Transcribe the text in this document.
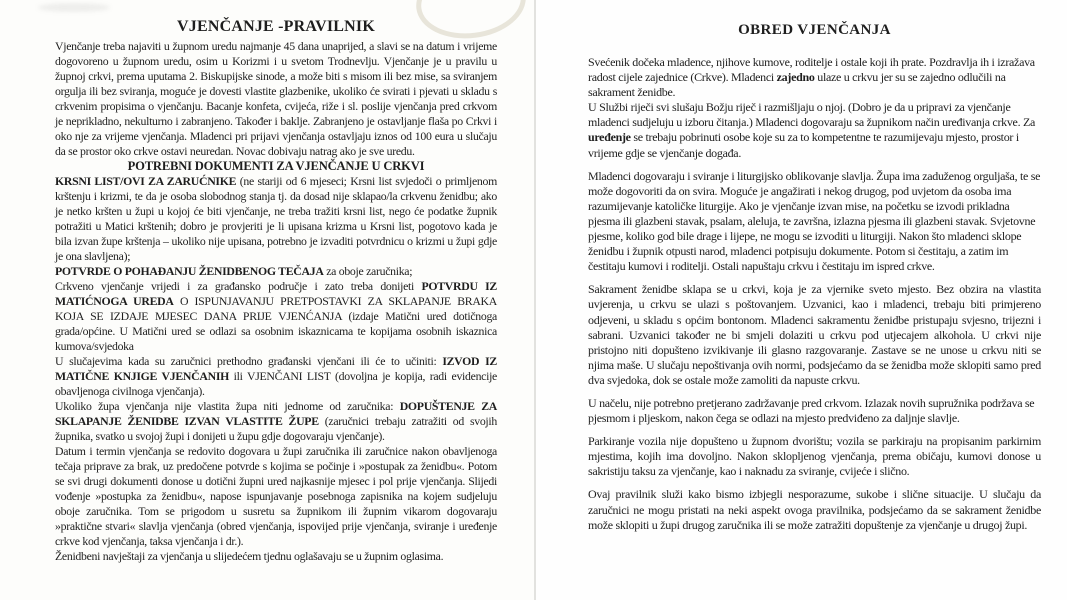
VJENČANJE -PRAVILNIK

Vjenčanje treba najaviti u župnom uredu najmanje 45 dana unaprijed, a slavi se na datum i vrijeme dogovoreno u župnom uredu, osim u Korizmi i u svetom Trodnevlju. Vjenčanje je u pravilu u župnoj crkvi, prema uputama 2. Biskupijske sinode, a može biti s misom ili bez mise, sa sviranjem orgulja ili bez sviranja, moguće je dovesti vlastite glazbenike, ukoliko će svirati i pjevati u skladu s crkvenim propisima o vjenčanju. Bacanje konfeta, cvijeća, riže i sl. poslije vjenčanja pred crkvom je neprikladno, nekulturno i zabranjeno. Također i baklje. Zabranjeno je ostavljanje flaša po Crkvi i oko nje za vrijeme vjenčanja. Mladenci pri prijavi vjenčanja ostavljaju iznos od 100 eura u slučaju da se prostor oko crkve ostavi neuredan. Novac dobivaju natrag ako je sve uredu.

POTREBNI DOKUMENTI ZA VJENČANJE U CRKVI

KRSNI LIST/OVI ZA ZARUĆNIKE (ne stariji od 6 mjeseci; Krsni list svjedoči o primljenom krštenju i krizmi, te da je osoba slobodnog stanja tj. da dosad nije sklapao/la crkvenu ženidbu; ako je netko kršten u župi u kojoj će biti vjenčanje, ne treba tražiti krsni list, nego će podatke župnik potražiti u Matici krštenih; dobro je provjeriti je li upisana krizma u Krsni list, pogotovo kada je bila izvan župe krštenja – ukoliko nije upisana, potrebno je izvaditi potvrdnicu o krizmi u župi gdje je ona slavljena);

POTVRDE O POHAĐANJU ŽENIDBENOG TEČAJA za oboje zaručnika;

Crkveno vjenčanje vrijedi i za građansko područje i zato treba donijeti POTVRDU IZ MATIĆNOGA UREDA O ISPUNJAVANJU PRETPOSTAVKI ZA SKLAPANJE BRAKA KOJA SE IZDAJE MJESEC DANA PRIJE VJENĆANJA (izdaje Matični ured dotičnoga grada/općine. U Matični ured se odlazi sa osobnim iskaznicama te kopijama osobnih iskaznica kumova/svjedoka

U slučajevima kada su zaručnici prethodno građanski vjenčani ili će to učiniti: IZVOD IZ MATIČNE KNJIGE VJENČANIH ili VJENČANI LIST (dovoljna je kopija, radi evidencije obavljenoga civilnoga vjenčanja).

Ukoliko župa vjenčanja nije vlastita župa niti jednome od zaručnika: DOPUŠTENJE ZA SKLAPANJE ŽENIDBE IZVAN VLASTITE ŽUPE (zaručnici trebaju zatražiti od svojih župnika, svatko u svojoj župi i donijeti u župu gdje dogovaraju vjenčanje).

Datum i termin vjenčanja se redovito dogovara u župi zaručnika ili zaručnice nakon obavljenoga tečaja priprave za brak, uz predočene potvrde s kojima se počinje i »postupak za ženidbu«. Potom se svi drugi dokumenti donose u dotični župni ured najkasnije mjesec i pol prije vjenčanja. Slijedi vođenje »postupka za ženidbu«, napose ispunjavanje posebnoga zapisnika na kojem sudjeluju oboje zaručnika. Tom se prigodom u susretu sa župnikom ili župnim vikarom dogovaraju »praktične stvari« slavlja vjenčanja (obred vjenčanja, ispovijed prije vjenčanja, sviranje i uređenje crkve kod vjenčanja, taksa vjenčanja i dr.).

Ženidbeni navještaji za vjenčanja u slijedećem tjednu oglašavaju se u župnim oglasima.

OBRED VJENČANJA

Svećenik dočeka mladence, njihove kumove, roditelje i ostale koji ih prate. Pozdravlja ih i izražava radost cijele zajednice (Crkve). Mladenci zajedno ulaze u crkvu jer su se zajedno odlučili na sakrament ženidbe.

U Službi riječi svi slušaju Božju riječ i razmišljaju o njoj. (Dobro je da u pripravi za vjenčanje mladenci sudjeluju u izboru čitanja.) Mladenci dogovaraju sa župnikom način uređivanja crkve. Za uređenje se trebaju pobrinuti osobe koje su za to kompetentne te razumijevaju mjesto, prostor i vrijeme gdje se vjenčanje događa.

Mladenci dogovaraju i sviranje i liturgijsko oblikovanje slavlja. Župa ima zaduženog orguljaša, te se može dogovoriti da on svira. Moguće je angažirati i nekog drugog, pod uvjetom da osoba ima razumijevanje katoličke liturgije. Ako je vjenčanje izvan mise, na početku se izvodi prikladna pjesma ili glazbeni stavak, psalam, aleluja, te završna, izlazna pjesma ili glazbeni stavak. Svjetovne pjesme, koliko god bile drage i lijepe, ne mogu se izvoditi u liturgiji. Nakon što mladenci sklope ženidbu i župnik otpusti narod, mladenci potpisuju dokumente. Potom si čestitaju, a zatim im čestitaju kumovi i roditelji. Ostali napuštaju crkvu i čestitaju im ispred crkve.

Sakrament ženidbe sklapa se u crkvi, koja je za vjernike sveto mjesto. Bez obzira na vlastita uvjerenja, u crkvu se ulazi s poštovanjem. Uzvanici, kao i mladenci, trebaju biti primjereno odjeveni, u skladu s općim bontonom. Mladenci sakramentu ženidbe pristupaju svjesno, trijezni i sabrani. Uzvanici također ne bi smjeli dolaziti u crkvu pod utjecajem alkohola. U crkvi nije pristojno niti dopušteno izvikivanje ili glasno razgovaranje. Zastave se ne unose u crkvu niti se njima maše. U slučaju nepoštivanja ovih normi, podsjećamo da se ženidba može sklopiti samo pred dva svjedoka, dok se ostale može zamoliti da napuste crkvu.

U načelu, nije potrebno pretjerano zadržavanje pred crkvom. Izlazak novih supružnika podržava se pjesmom i pljeskom, nakon čega se odlazi na mjesto predviđeno za daljnje slavlje.

Parkiranje vozila nije dopušteno u župnom dvorištu; vozila se parkiraju na propisanim parkirnim mjestima, kojih ima dovoljno. Nakon sklopljenog vjenčanja, prema običaju, kumovi donose u sakristiju taksu za vjenčanje, kao i naknadu za sviranje, cvijeće i slično.

Ovaj pravilnik služi kako bismo izbjegli nesporazume, sukobe i slične situacije. U slučaju da zaručnici ne mogu pristati na neki aspekt ovoga pravilnika, podsjećamo da se sakrament ženidbe može sklopiti u župi drugog zaručnika ili se može zatražiti dopuštenje za vjenčanje u drugoj župi.
